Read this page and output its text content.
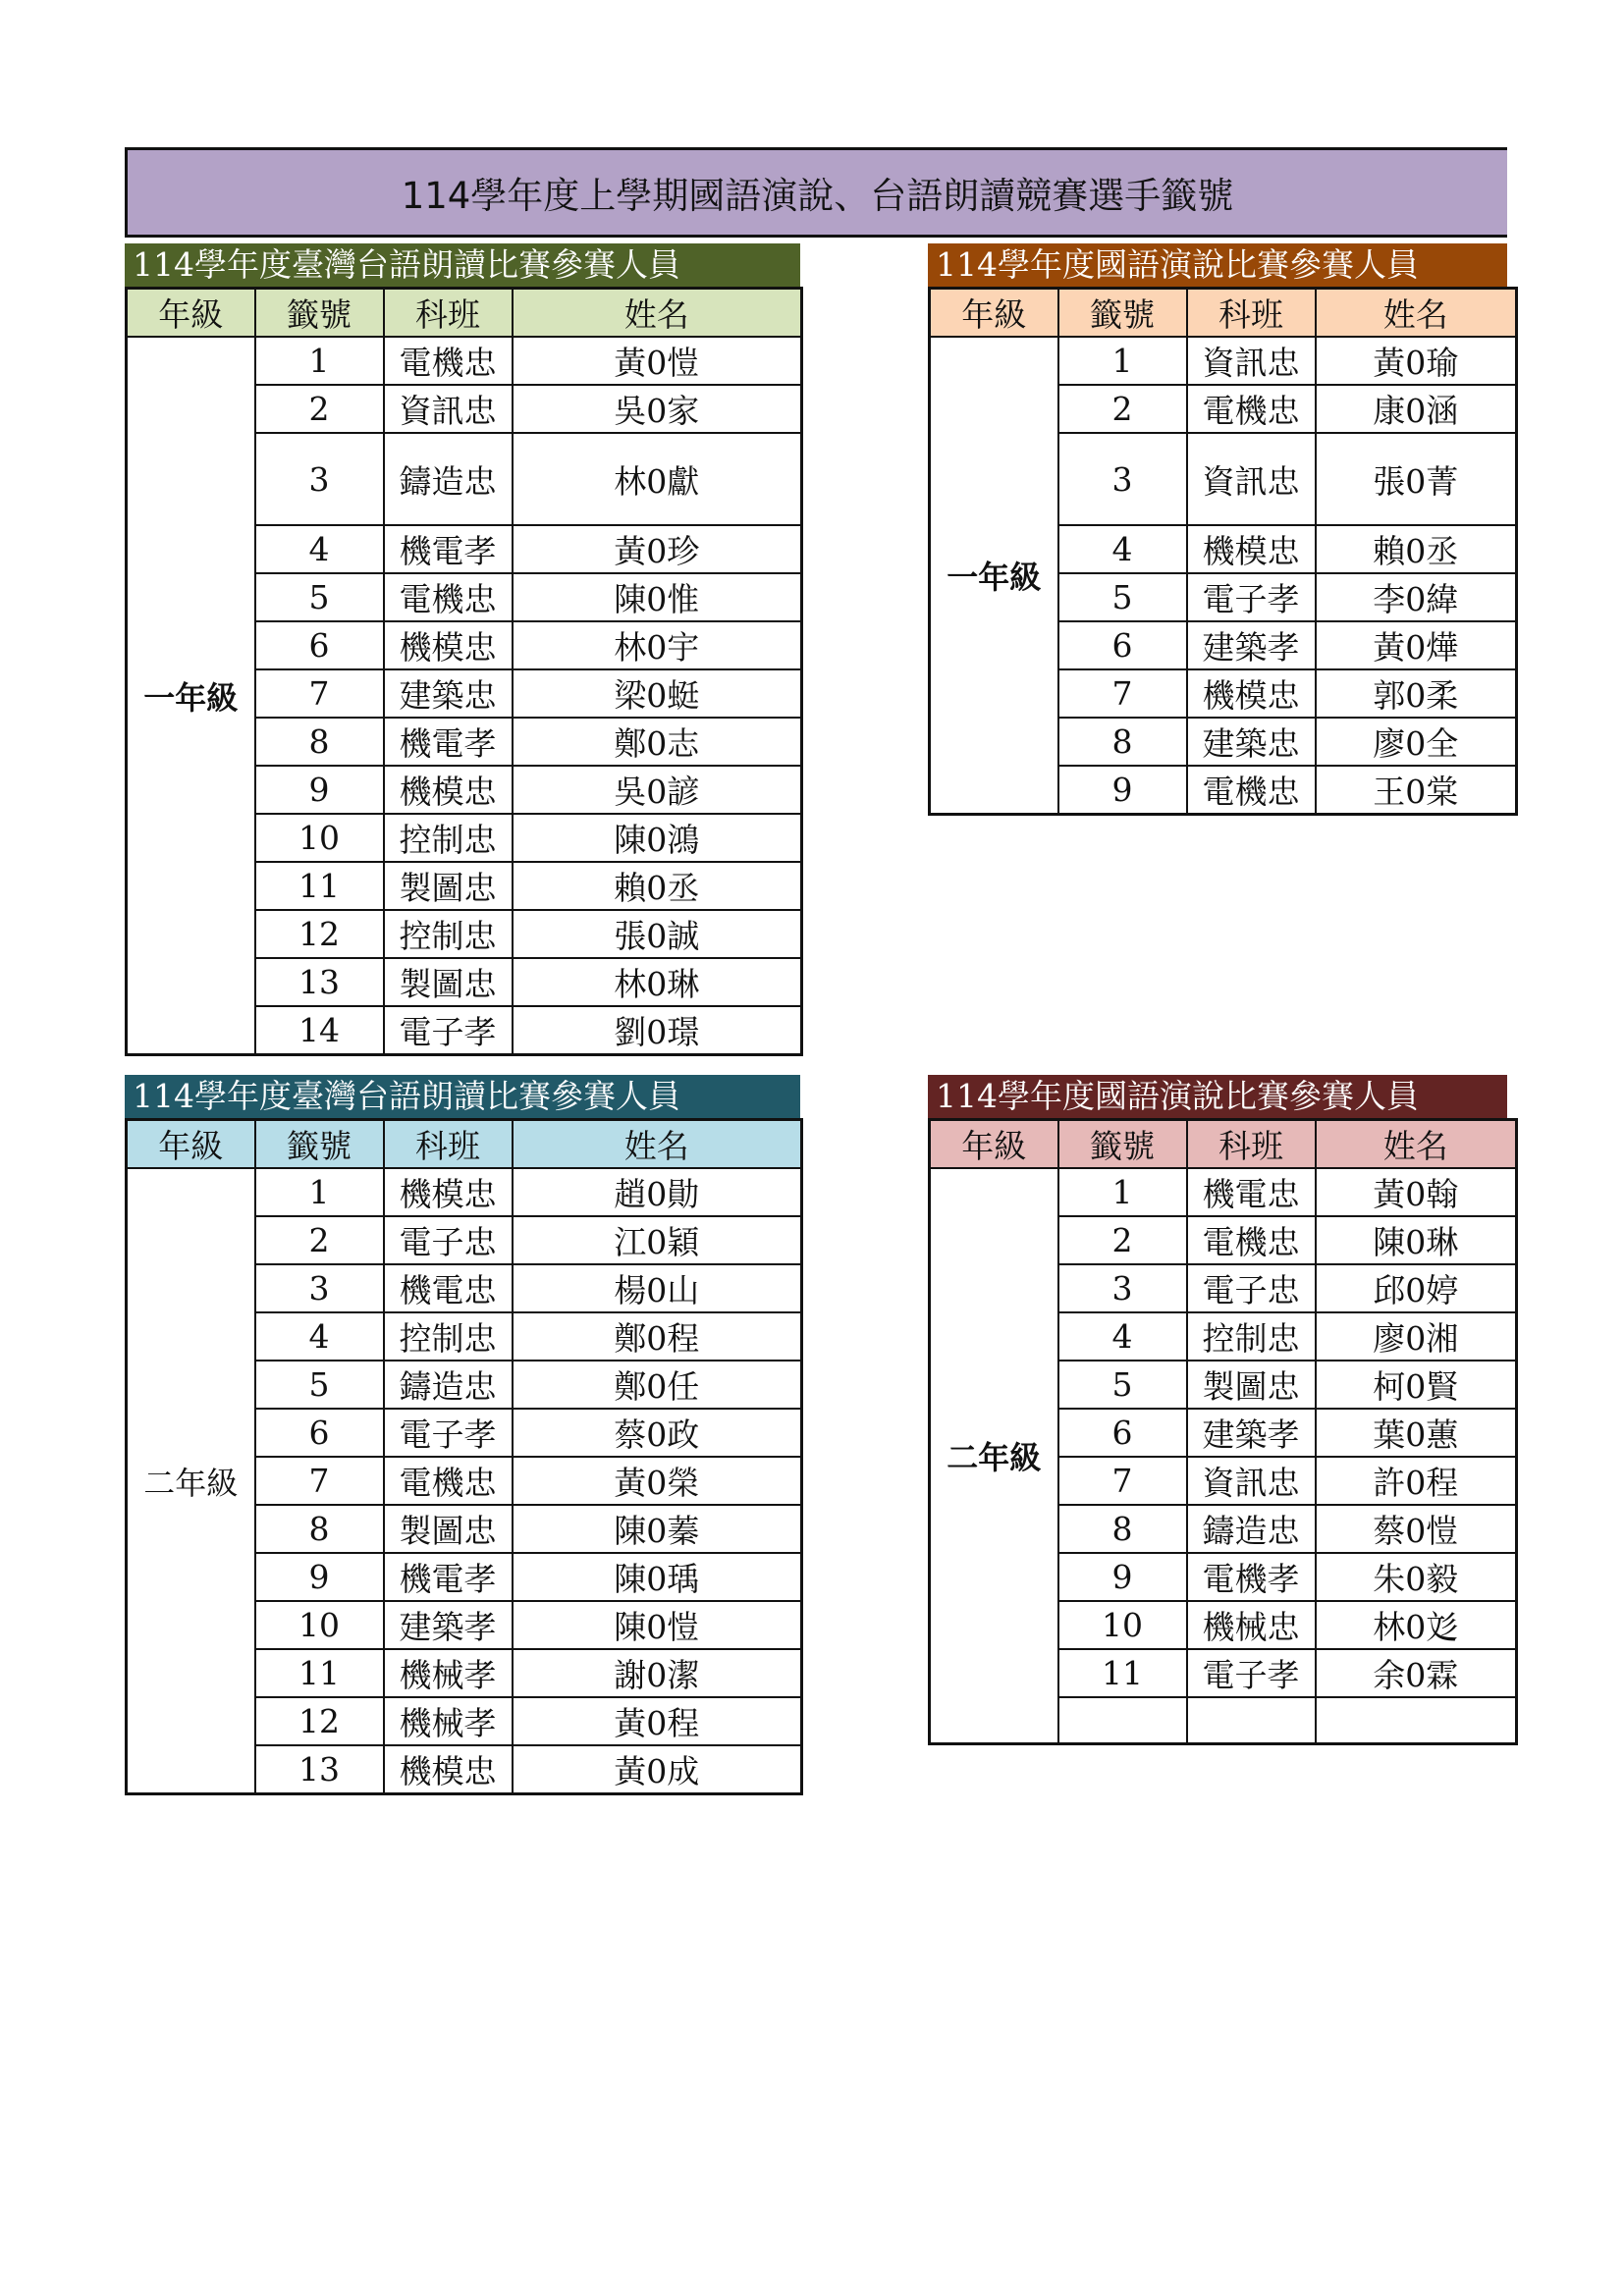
114學年度上學期國語演說、台語朗讀競賽選手籤號
114學年度臺灣台語朗讀比賽參賽人員
年級	籤號	科班	姓名
一年級	1	電機忠	黃0愷
	2	資訊忠	吳0家
	3	鑄造忠	林0獻
	4	機電孝	黃0珍
	5	電機忠	陳0惟
	6	機模忠	林0宇
	7	建築忠	梁0蜓
	8	機電孝	鄭0志
	9	機模忠	吳0諺
	10	控制忠	陳0鴻
	11	製圖忠	賴0丞
	12	控制忠	張0誠
	13	製圖忠	林0琳
	14	電子孝	劉0璟
114學年度國語演說比賽參賽人員
年級	籤號	科班	姓名
一年級	1	資訊忠	黃0瑜
	2	電機忠	康0涵
	3	資訊忠	張0菁
	4	機模忠	賴0丞
	5	電子孝	李0緯
	6	建築孝	黃0燁
	7	機模忠	郭0柔
	8	建築忠	廖0全
	9	電機忠	王0棠
114學年度臺灣台語朗讀比賽參賽人員
年級	籤號	科班	姓名
二年級	1	機模忠	趙0勛
	2	電子忠	江0穎
	3	機電忠	楊0山
	4	控制忠	鄭0程
	5	鑄造忠	鄭0任
	6	電子孝	蔡0政
	7	電機忠	黃0榮
	8	製圖忠	陳0蓁
	9	機電孝	陳0瑀
	10	建築孝	陳0愷
	11	機械孝	謝0潔
	12	機械孝	黃0程
	13	機模忠	黃0成
114學年度國語演說比賽參賽人員
年級	籤號	科班	姓名
二年級	1	機電忠	黃0翰
	2	電機忠	陳0琳
	3	電子忠	邱0婷
	4	控制忠	廖0湘
	5	製圖忠	柯0賢
	6	建築孝	葉0蕙
	7	資訊忠	許0程
	8	鑄造忠	蔡0愷
	9	電機孝	朱0毅
	10	機械忠	林0彣
	11	電子孝	余0霖
